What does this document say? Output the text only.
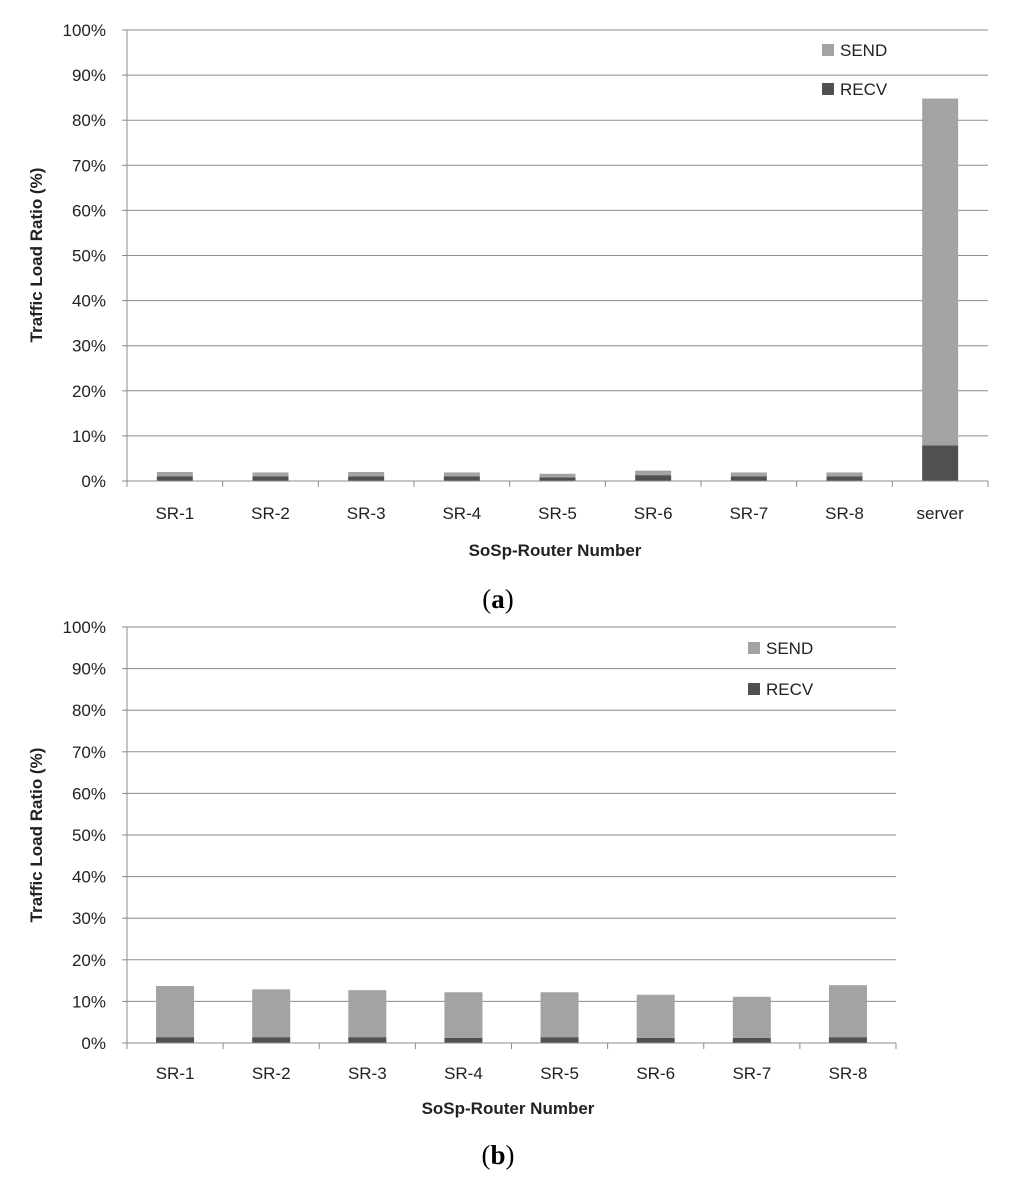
0%
10%
20%
30%
40%
50%
60%
70%
80%
90%
100%
SR-1	SR-2	SR-3	SR-4	SR-5	SR-6	SR-7	SR-8	server
SEND
RECV
Traffic Load Ratio (%)
SoSp-Router Number
(a)
0%
10%
20%
30%
40%
50%
60%
70%
80%
90%
100%
SR-1	SR-2	SR-3	SR-4	SR-5	SR-6	SR-7	SR-8
SEND
RECV
Traffic Load Ratio (%)
SoSp-Router Number
(b)
